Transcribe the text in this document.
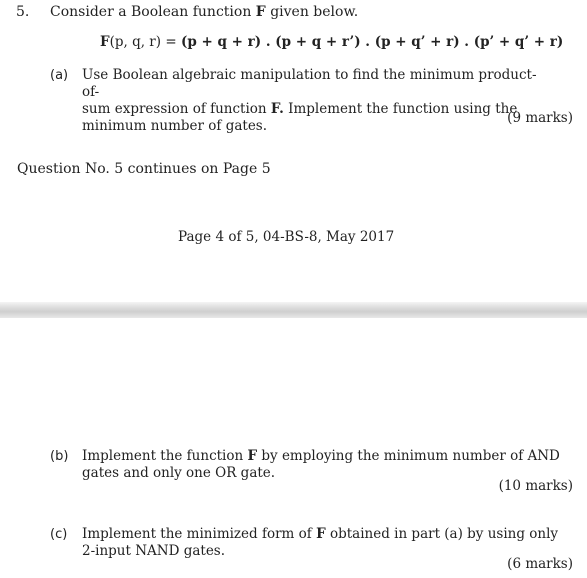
5. Consider a Boolean function F given below.
F(p, q, r) = (p + q + r) . (p + q + r’) . (p + q’ + r) . (p’ + q’ + r)
(a) Use Boolean algebraic manipulation to find the minimum product-of-
sum expression of function F. Implement the function using the
minimum number of gates.	(9 marks)
Question No. 5 continues on Page 5
Page 4 of 5, 04-BS-8, May 2017
(b) Implement the function F by employing the minimum number of AND
gates and only one OR gate.
(10 marks)
(c) Implement the minimized form of F obtained in part (a) by using only
2-input NAND gates.
(6 marks)
